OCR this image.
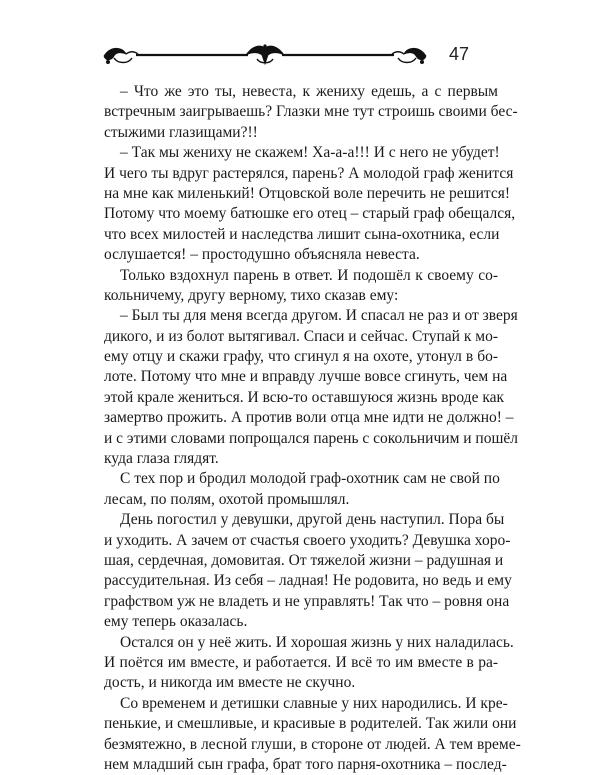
47
– Что же это ты, невеста, к жениху едешь, а с первым
встречным заигрываешь? Глазки мне тут строишь своими бес-
стыжими глазищами?!!
– Так мы жениху не скажем! Ха-а-а!!! И с него не убудет!
И чего ты вдруг растерялся, парень? А молодой граф женится
на мне как миленький! Отцовской воле перечить не решится!
Потому что моему батюшке его отец – старый граф обещался,
что всех милостей и наследства лишит сына-охотника, если
ослушается! – простодушно объясняла невеста.
Только вздохнул парень в ответ. И подошёл к своему со-
кольничему, другу верному, тихо сказав ему:
– Был ты для меня всегда другом. И спасал не раз и от зверя
дикого, и из болот вытягивал. Спаси и сейчас. Ступай к мо-
ему отцу и скажи графу, что сгинул я на охоте, утонул в бо-
лоте. Потому что мне и вправду лучше вовсе сгинуть, чем на
этой крале жениться. И всю-то оставшуюся жизнь вроде как
замертво прожить. А против воли отца мне идти не должно! –
и с этими словами попрощался парень с сокольничим и пошёл
куда глаза глядят.
С тех пор и бродил молодой граф-охотник сам не свой по
лесам, по полям, охотой промышлял.
День погостил у девушки, другой день наступил. Пора бы
и уходить. А зачем от счастья своего уходить? Девушка хоро-
шая, сердечная, домовитая. От тяжелой жизни – радушная и
рассудительная. Из себя – ладная! Не родовита, но ведь и ему
графством уж не владеть и не управлять! Так что – ровня она
ему теперь оказалась.
Остался он у неё жить. И хорошая жизнь у них наладилась.
И поётся им вместе, и работается. И всё то им вместе в ра-
дость, и никогда им вместе не скучно.
Со временем и детишки славные у них народились. И кре-
пенькие, и смешливые, и красивые в родителей. Так жили они
безмятежно, в лесной глуши, в стороне от людей. А тем време-
нем младший сын графа, брат того парня-охотника – послед-
